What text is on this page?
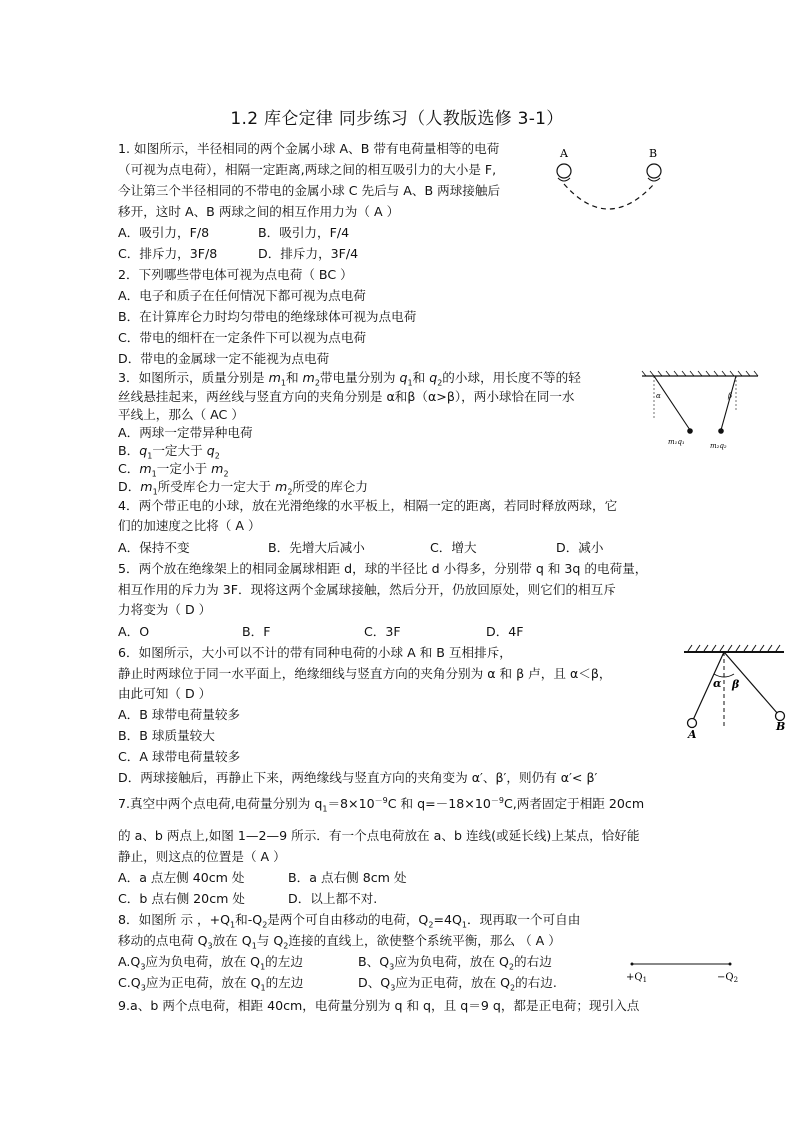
1.2 库仑定律 同步练习（人教版选修 3-1）
1. 如图所示，半径相同的两个金属小球 A、B 带有电荷量相等的电荷
（可视为点电荷），相隔一定距离,两球之间的相互吸引力的大小是 F,
今让第三个半径相同的不带电的金属小球 C 先后与 A、B 两球接触后
移开，这时 A、B 两球之间的相互作用力为（ A ）
A．吸引力，F/8	B．吸引力，F/4
C．排斥力，3F/8	D．排斥力，3F/4
A	B
2．下列哪些带电体可视为点电荷（ BC ）
A．电子和质子在任何情况下都可视为点电荷
B．在计算库仑力时均匀带电的绝缘球体可视为点电荷
C．带电的细杆在一定条件下可以视为点电荷
D．带电的金属球一定不能视为点电荷
3．如图所示，质量分别是 $m_1$和 $m_2$带电量分别为 $q_1$和 $q_2$的小球，用长度不等的轻
丝线悬挂起来，两丝线与竖直方向的夹角分别是 α和β（α>β），两小球恰在同一水
平线上，那么（ AC ）
A．两球一定带异种电荷
B．$q_1$一定大于 $q_2$
C．$m_1$一定小于 $m_2$
D．$m_1$所受库仑力一定大于 $m_2$所受的库仑力
α	β
m₁q₁	m₂q₂
4．两个带正电的小球，放在光滑绝缘的水平板上，相隔一定的距离，若同时释放两球，它
们的加速度之比将（ A ）
A．保持不变	B．先增大后减小	C．增大	D．减小
5．两个放在绝缘架上的相同金属球相距 d，球的半径比 d 小得多，分别带 q 和 3q 的电荷量，
相互作用的斥力为 3F．现将这两个金属球接触，然后分开，仍放回原处，则它们的相互斥
力将变为（ D ）
A．O	B．F	C．3F	D．4F
6．如图所示，大小可以不计的带有同种电荷的小球 A 和 B 互相排斥，
静止时两球位于同一水平面上，绝缘细线与竖直方向的夹角分别为 α 和 β 卢，且 α＜β，
由此可知（ D ）
A．B 球带电荷量较多
B．B 球质量较大
C．A 球带电荷量较多
D．两球接触后，再静止下来，两绝缘线与竖直方向的夹角变为 α′、β′，则仍有 α′< β′
α β
A
B
7.真空中两个点电荷,电荷量分别为 $q_1=8\times 10^{-9}C$ 和 $q=-18\times 10^{-9}C$,两者固定于相距 20cm
的 a、b 两点上,如图 1—2—9 所示．有一个点电荷放在 a、b 连线(或延长线)上某点，恰好能
静止，则这点的位置是（ A ）
A．a 点左侧 40cm 处	B．a 点右侧 8cm 处
C．b 点右侧 20cm 处	D．以上都不对.
8．如图所 示 ，$+Q_1$和$-Q_2$是两个可自由移动的电荷，$Q_2=4Q_1$．现再取一个可自由
移动的点电荷 $Q_3$放在 $Q_1$与 $Q_2$连接的直线上，欲使整个系统平衡，那么 （ A ）
$A.Q_3$应为负电荷，放在 $Q_1$的左边	B、$Q_3$应为负电荷，放在 $Q_2$的右边
$C.Q_3$应为正电荷，放在 $Q_1$的左边	D、$Q_3$应为正电荷，放在 $Q_2$的右边.	$+Q_1$	$-Q_2$
9.a、b 两个点电荷，相距 40cm，电荷量分别为 q 和 q，且 q＝9 q，都是正电荷；现引入点
